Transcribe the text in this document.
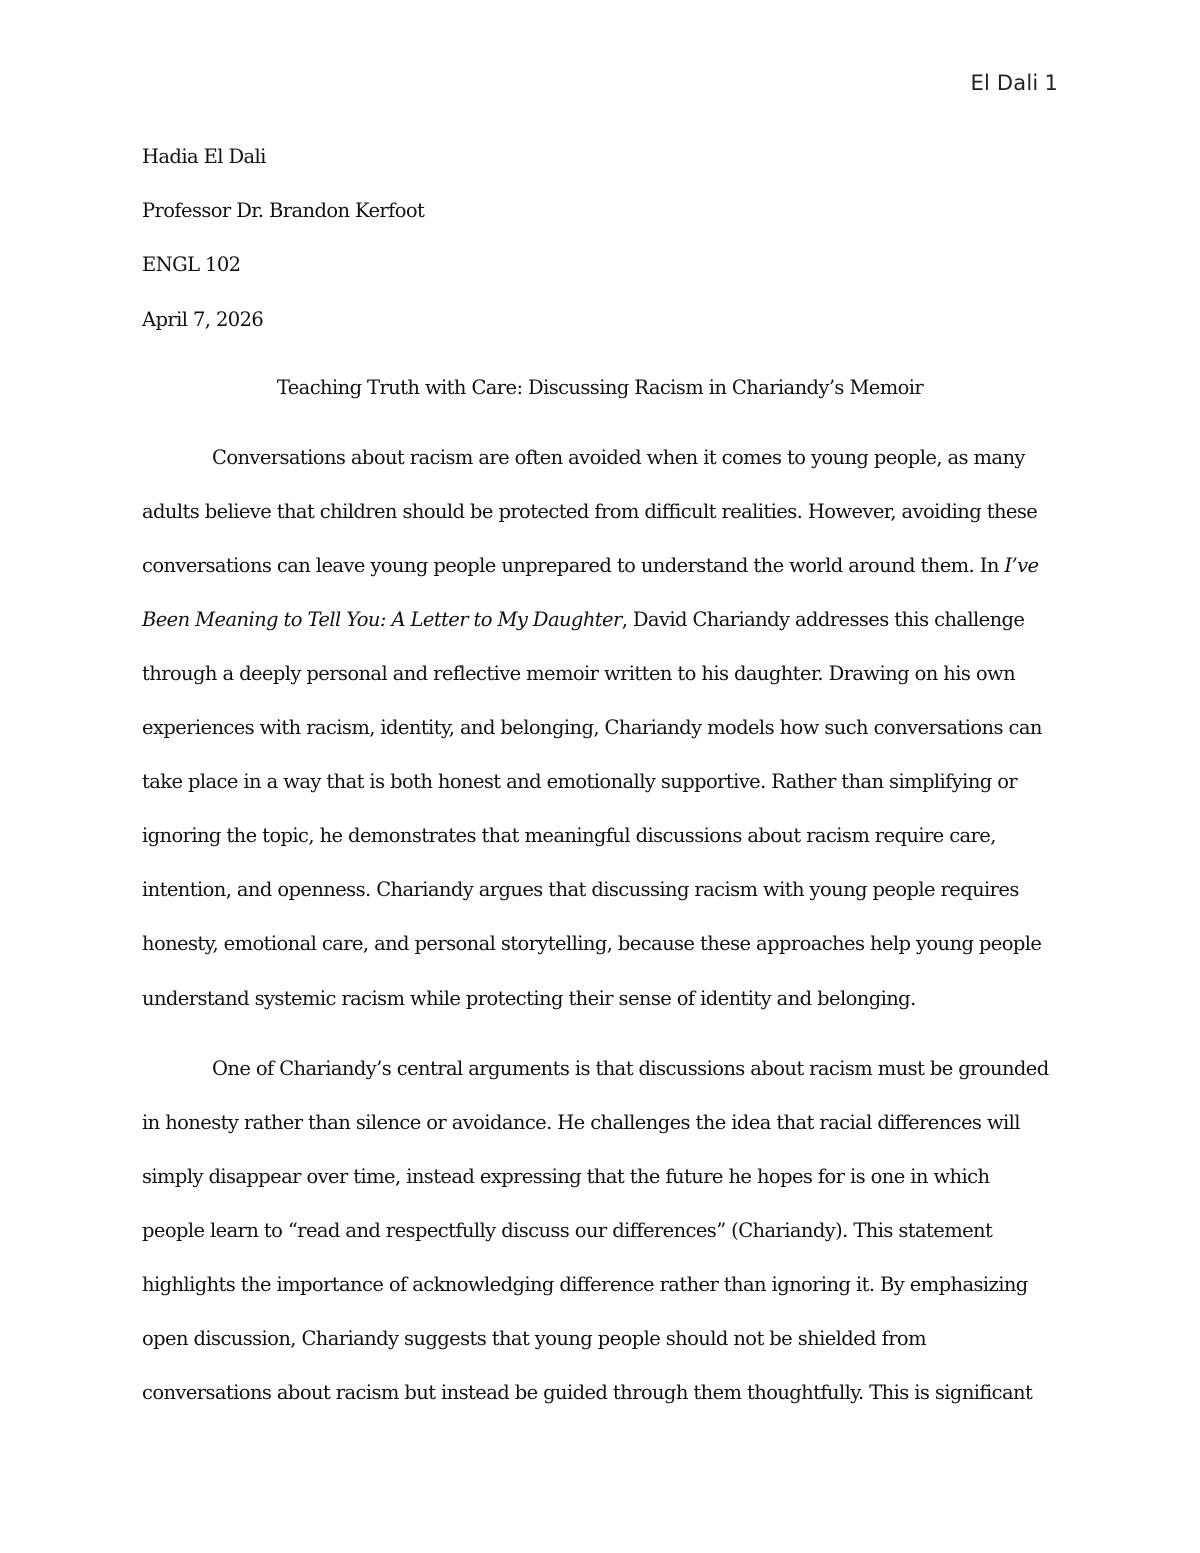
El Dali 1
Hadia El Dali
Professor Dr. Brandon Kerfoot
ENGL 102
April 7, 2026
Teaching Truth with Care: Discussing Racism in Chariandy’s Memoir
Conversations about racism are often avoided when it comes to young people, as many
adults believe that children should be protected from difficult realities. However, avoiding these
conversations can leave young people unprepared to understand the world around them. In I’ve
Been Meaning to Tell You: A Letter to My Daughter, David Chariandy addresses this challenge
through a deeply personal and reflective memoir written to his daughter. Drawing on his own
experiences with racism, identity, and belonging, Chariandy models how such conversations can
take place in a way that is both honest and emotionally supportive. Rather than simplifying or
ignoring the topic, he demonstrates that meaningful discussions about racism require care,
intention, and openness. Chariandy argues that discussing racism with young people requires
honesty, emotional care, and personal storytelling, because these approaches help young people
understand systemic racism while protecting their sense of identity and belonging.
One of Chariandy’s central arguments is that discussions about racism must be grounded
in honesty rather than silence or avoidance. He challenges the idea that racial differences will
simply disappear over time, instead expressing that the future he hopes for is one in which
people learn to “read and respectfully discuss our differences” (Chariandy). This statement
highlights the importance of acknowledging difference rather than ignoring it. By emphasizing
open discussion, Chariandy suggests that young people should not be shielded from
conversations about racism but instead be guided through them thoughtfully. This is significant
